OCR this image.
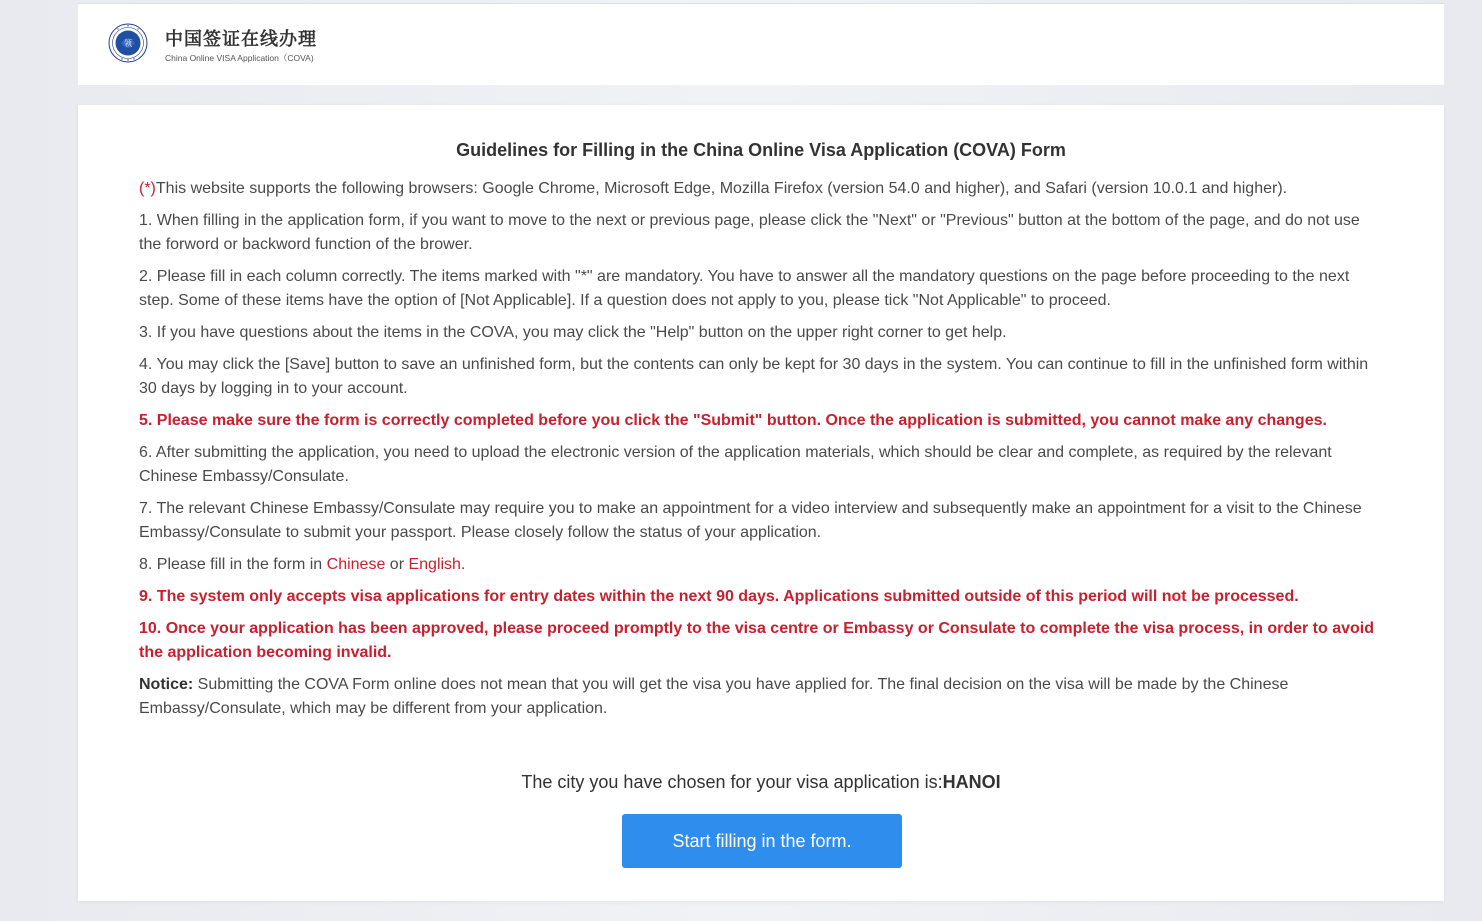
领 中国签证在线办理
China Online VISA Application（COVA)
Guidelines for Filling in the China Online Visa Application (COVA) Form

(*)This website supports the following browsers: Google Chrome, Microsoft Edge, Mozilla Firefox (version 54.0 and higher), and Safari (version 10.0.1 and higher).

1. When filling in the application form, if you want to move to the next or previous page, please click the "Next" or "Previous" button at the bottom of the page, and do not use the forword or backword function of the brower.

2. Please fill in each column correctly. The items marked with "*" are mandatory. You have to answer all the mandatory questions on the page before proceeding to the next step. Some of these items have the option of [Not Applicable]. If a question does not apply to you, please tick "Not Applicable" to proceed.

3. If you have questions about the items in the COVA, you may click the "Help" button on the upper right corner to get help.

4. You may click the [Save] button to save an unfinished form, but the contents can only be kept for 30 days in the system. You can continue to fill in the unfinished form within 30 days by logging in to your account.

5. Please make sure the form is correctly completed before you click the "Submit" button. Once the application is submitted, you cannot make any changes.

6. After submitting the application, you need to upload the electronic version of the application materials, which should be clear and complete, as required by the relevant Chinese Embassy/Consulate.

7. The relevant Chinese Embassy/Consulate may require you to make an appointment for a video interview and subsequently make an appointment for a visit to the Chinese Embassy/Consulate to submit your passport. Please closely follow the status of your application.

8. Please fill in the form in Chinese or English.

9. The system only accepts visa applications for entry dates within the next 90 days. Applications submitted outside of this period will not be processed.

10. Once your application has been approved, please proceed promptly to the visa centre or Embassy or Consulate to complete the visa process, in order to avoid the application becoming invalid.

Notice: Submitting the COVA Form online does not mean that you will get the visa you have applied for. The final decision on the visa will be made by the Chinese Embassy/Consulate, which may be different from your application.

The city you have chosen for your visa application is:HANOI
Start filling in the form.
